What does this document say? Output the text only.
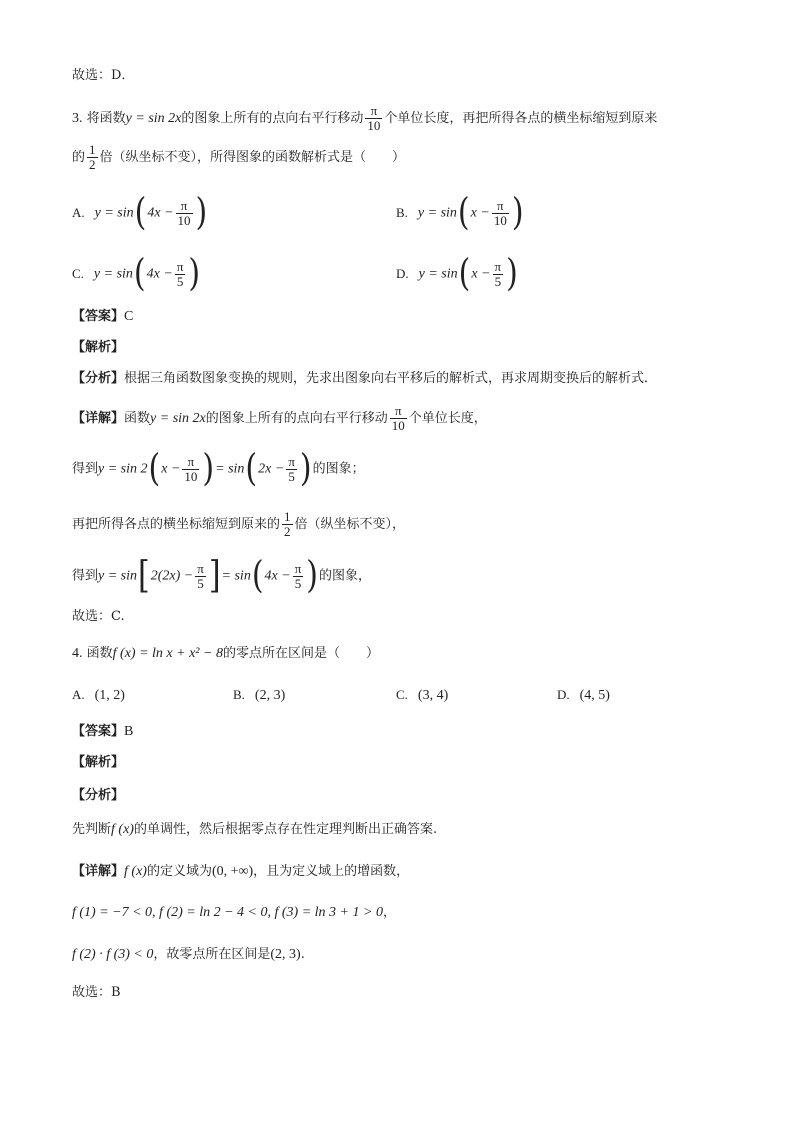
故选：D．
3. 将函数y = sin 2x的图象上所有的点向右平行移动 $\frac{\pi}{10}$ 个单位长度，再把所得各点的横坐标缩短到原来
的 $\frac{1}{2}$ 倍（纵坐标不变），所得图象的函数解析式是（　　）
A. $y = \sin(4x - \frac{\pi}{10}$ )	B. $y = \sin(x - \frac{\pi}{10}$ )
C. $y = \sin(4x - \frac{\pi}{5}$ )	D. $y = \sin(x - \frac{\pi}{5}$ )
【答案】C
【解析】
【分析】根据三角函数图象变换的规则，先求出图象向右平移后的解析式，再求周期变换后的解析式．
【详解】函数y = sin 2x的图象上所有的点向右平行移动 $\frac{\pi}{10}$ 个单位长度，
得到$y = \sin 2(x - \frac{\pi}{10}$ )= $\sin(2x - \frac{\pi}{5}$ )的图象；
再把所得各点的横坐标缩短到原来的 $\frac{1}{2}$ 倍（纵坐标不变），
得到$y = \sin[2(2x) - \frac{\pi}{5}$ ]= $\sin(4x - \frac{\pi}{5}$ )的图象，
故选：C.
4. 函数f (x) = ln x + x² − 8的零点所在区间是（　　）
A. (1, 2)	B. (2, 3)	C. (3, 4)	D. (4, 5)
【答案】B
【解析】
【分析】
先判断f (x)的单调性，然后根据零点存在性定理判断出正确答案.
【详解】f (x)的定义域为(0, +∞)，且为定义域上的增函数，
f (1) = −7 < 0, f (2) = ln 2 − 4 < 0, f (3) = ln 3 + 1 > 0，
f (2) · f (3) < 0，故零点所在区间是(2, 3).
故选：B
